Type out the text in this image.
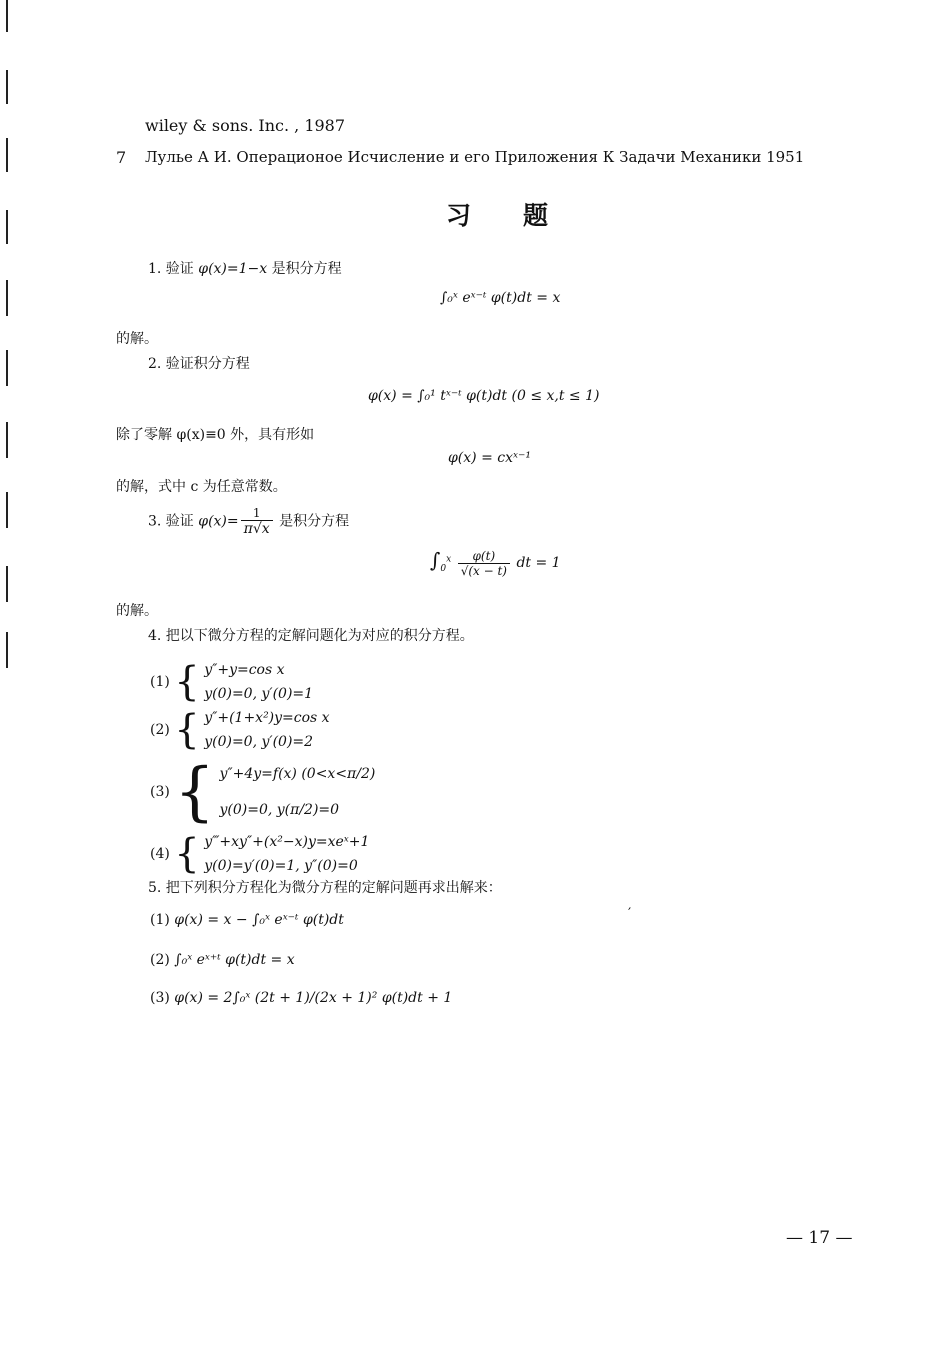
wiley & sons. Inc. , 1987
7 Лулье А И. Операционое Исчисление и его Приложения К Задачи Механики 1951
习题
1. 验证 φ(x)=1−x 是积分方程
∫₀ˣ eˣ⁻ᵗ φ(t)dt = x
的解。
2. 验证积分方程
φ(x) = ∫₀¹ tˣ⁻ᵗ φ(t)dt (0 ≤ x,t ≤ 1)
除了零解 φ(x)≡0 外，具有形如
φ(x) = cxˣ⁻¹
的解，式中 c 为任意常数。
3. 验证 $\varphi(x)= \frac{1}{\pi√x}$ 是积分方程
$\int_0^x \frac{\varphi(t)}{√(x - t)}$ dt = 1
的解。
4. 把以下微分方程的定解问题化为对应的积分方程。
(1) { y″+y=cos x
y(0)=0, y′(0)=1
(2) { y″+(1+x²)y=cos x
y(0)=0, y′(0)=2
(3) { y″+4y=f(x) (0<x<π/2)
y(0)=0, y(π/2)=0
(4) { y‴+xy″+(x²−x)y=xeˣ+1
y(0)=y′(0)=1, y″(0)=0
5. 把下列积分方程化为微分方程的定解问题再求出解来：
′
(1) φ(x) = x − ∫₀ˣ eˣ⁻ᵗ φ(t)dt
(2) ∫₀ˣ eˣ⁺ᵗ φ(t)dt = x
(3) φ(x) = 2∫₀ˣ (2t + 1)/(2x + 1)² φ(t)dt + 1
— 17 —
